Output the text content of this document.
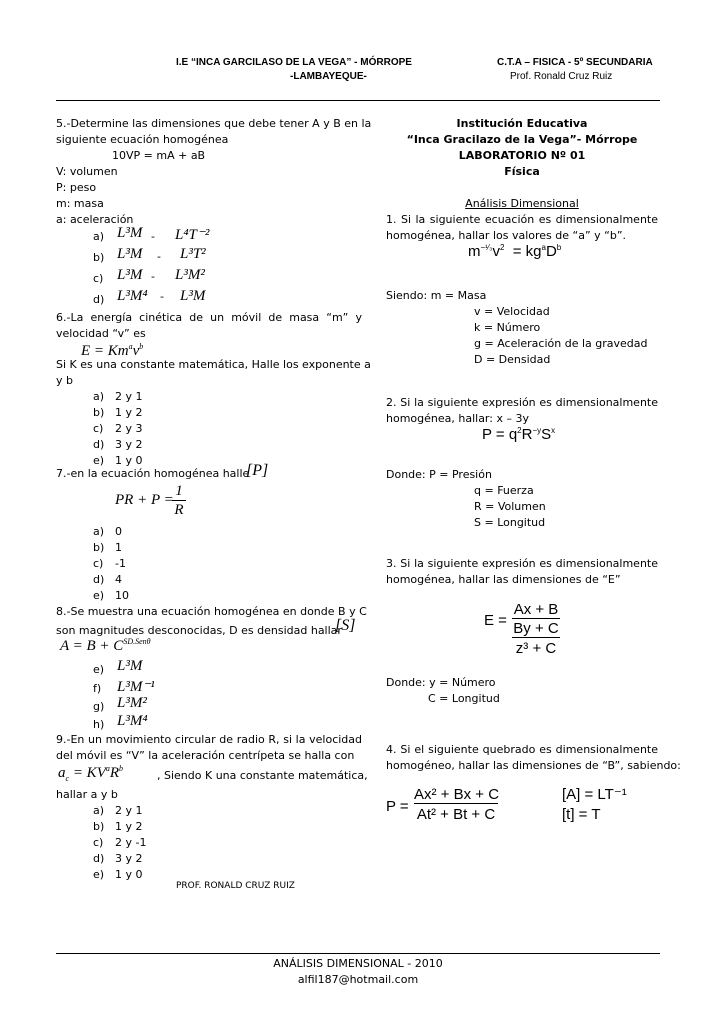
I.E “INCA GARCILASO DE LA VEGA” - MÓRROPE
-LAMBAYEQUE-
C.T.A – FISICA - 5º SECUNDARIA
Prof. Ronald Cruz Ruiz
5.-Determine las dimensiones que debe tener A y B en la
siguiente ecuación homogénea
10VP = mA + aB
V: volumen
P: peso
m: masa
a: aceleración
a) L³M - L⁴T⁻²
b) L³M - L³T²
c) L³M - L³M²
d) L³M⁴ - L³M
6.-La energía cinética de un móvil de masa “m” y
velocidad “v” es
$E = Km^av^b$
Si K es una constante matemática, Halle los exponente a
y b
a) 2 y 1
b) 1 y 2
c) 2 y 3
d) 3 y 2
e) 1 y 0
7.-en la ecuación homogénea halle
[P]
PR + P =
1
R
a) 0
b) 1
c) -1
d) 4
e) 10
8.-Se muestra una ecuación homogénea en donde B y C
son magnitudes desconocidas, D es densidad hallar
[S]
$A = B + C^{SD.Sen\theta}$
e) L³M
f) L³M⁻¹
g) L³M²
h) L³M⁴
9.-En un movimiento circular de radio R, si la velocidad
del móvil es “V” la aceleración centrípeta se halla con
$a_c = KV^aR^b$
, Siendo K una constante matemática,
hallar a y b
a) 2 y 1
b) 1 y 2
c) 2 y -1
d) 3 y 2
e) 1 y 0
PROF. RONALD CRUZ RUIZ
Institución Educativa
“Inca Gracilazo de la Vega”- Mórrope
LABORATORIO Nº 01
Física
Análisis Dimensional
1. Si la siguiente ecuación es dimensionalmente
homogénea, hallar los valores de “a” y “b”.
$m^{-^1⁄_3}v^2 = kg^aD^b$
Siendo: m = Masa
v = Velocidad
k = Número
g = Aceleración de la gravedad
D = Densidad
2. Si la siguiente expresión es dimensionalmente
homogénea, hallar: x – 3y
$P = q^2R^{-y}S^x$
Donde: P = Presión
q = Fuerza
R = Volumen
S = Longitud
3. Si la siguiente expresión es dimensionalmente
homogénea, hallar las dimensiones de “E”
E =
Ax + B
By + C
z³ + C
Donde: y = Número
C = Longitud
4. Si el siguiente quebrado es dimensionalmente
homogéneo, hallar las dimensiones de “B”, sabiendo:
P =
Ax² + Bx + C
At² + Bt + C
[A] = LT⁻¹
[t] = T
ANÁLISIS DIMENSIONAL - 2010
alfil187@hotmail.com
